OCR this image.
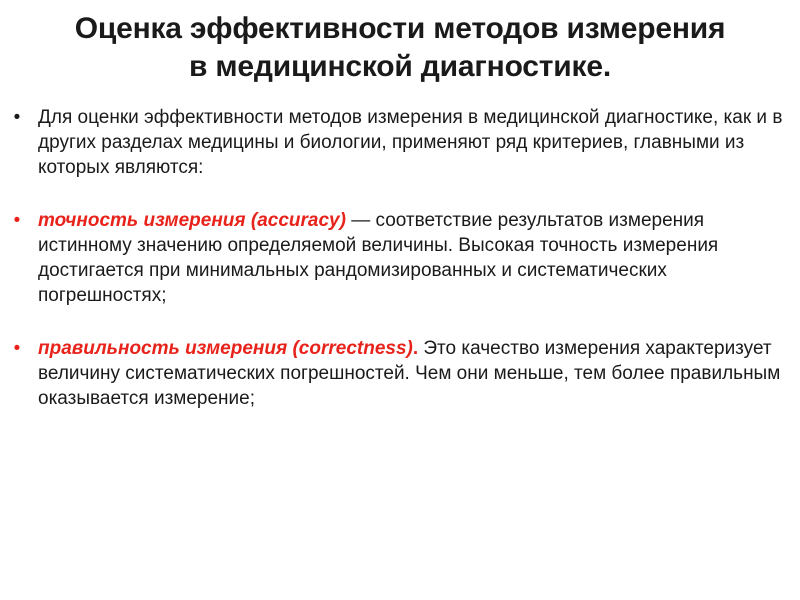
Оценка эффективности методов измерения
в медицинской диагностике.
• Для оценки эффективности методов измерения в медицинской диагностике, как и в других разделах медицины и биологии, применяют ряд критериев, главными из которых являются:
• точность измерения (accuracy) — соответствие результатов измерения истинному значению определяемой величины. Высокая точность измерения достигается при минимальных рандомизированных и систематических погрешностях;
• правильность измерения (correctness). Это качество измерения характеризует величину систематических погрешностей. Чем они меньше, тем более правильным оказывается измерение;
